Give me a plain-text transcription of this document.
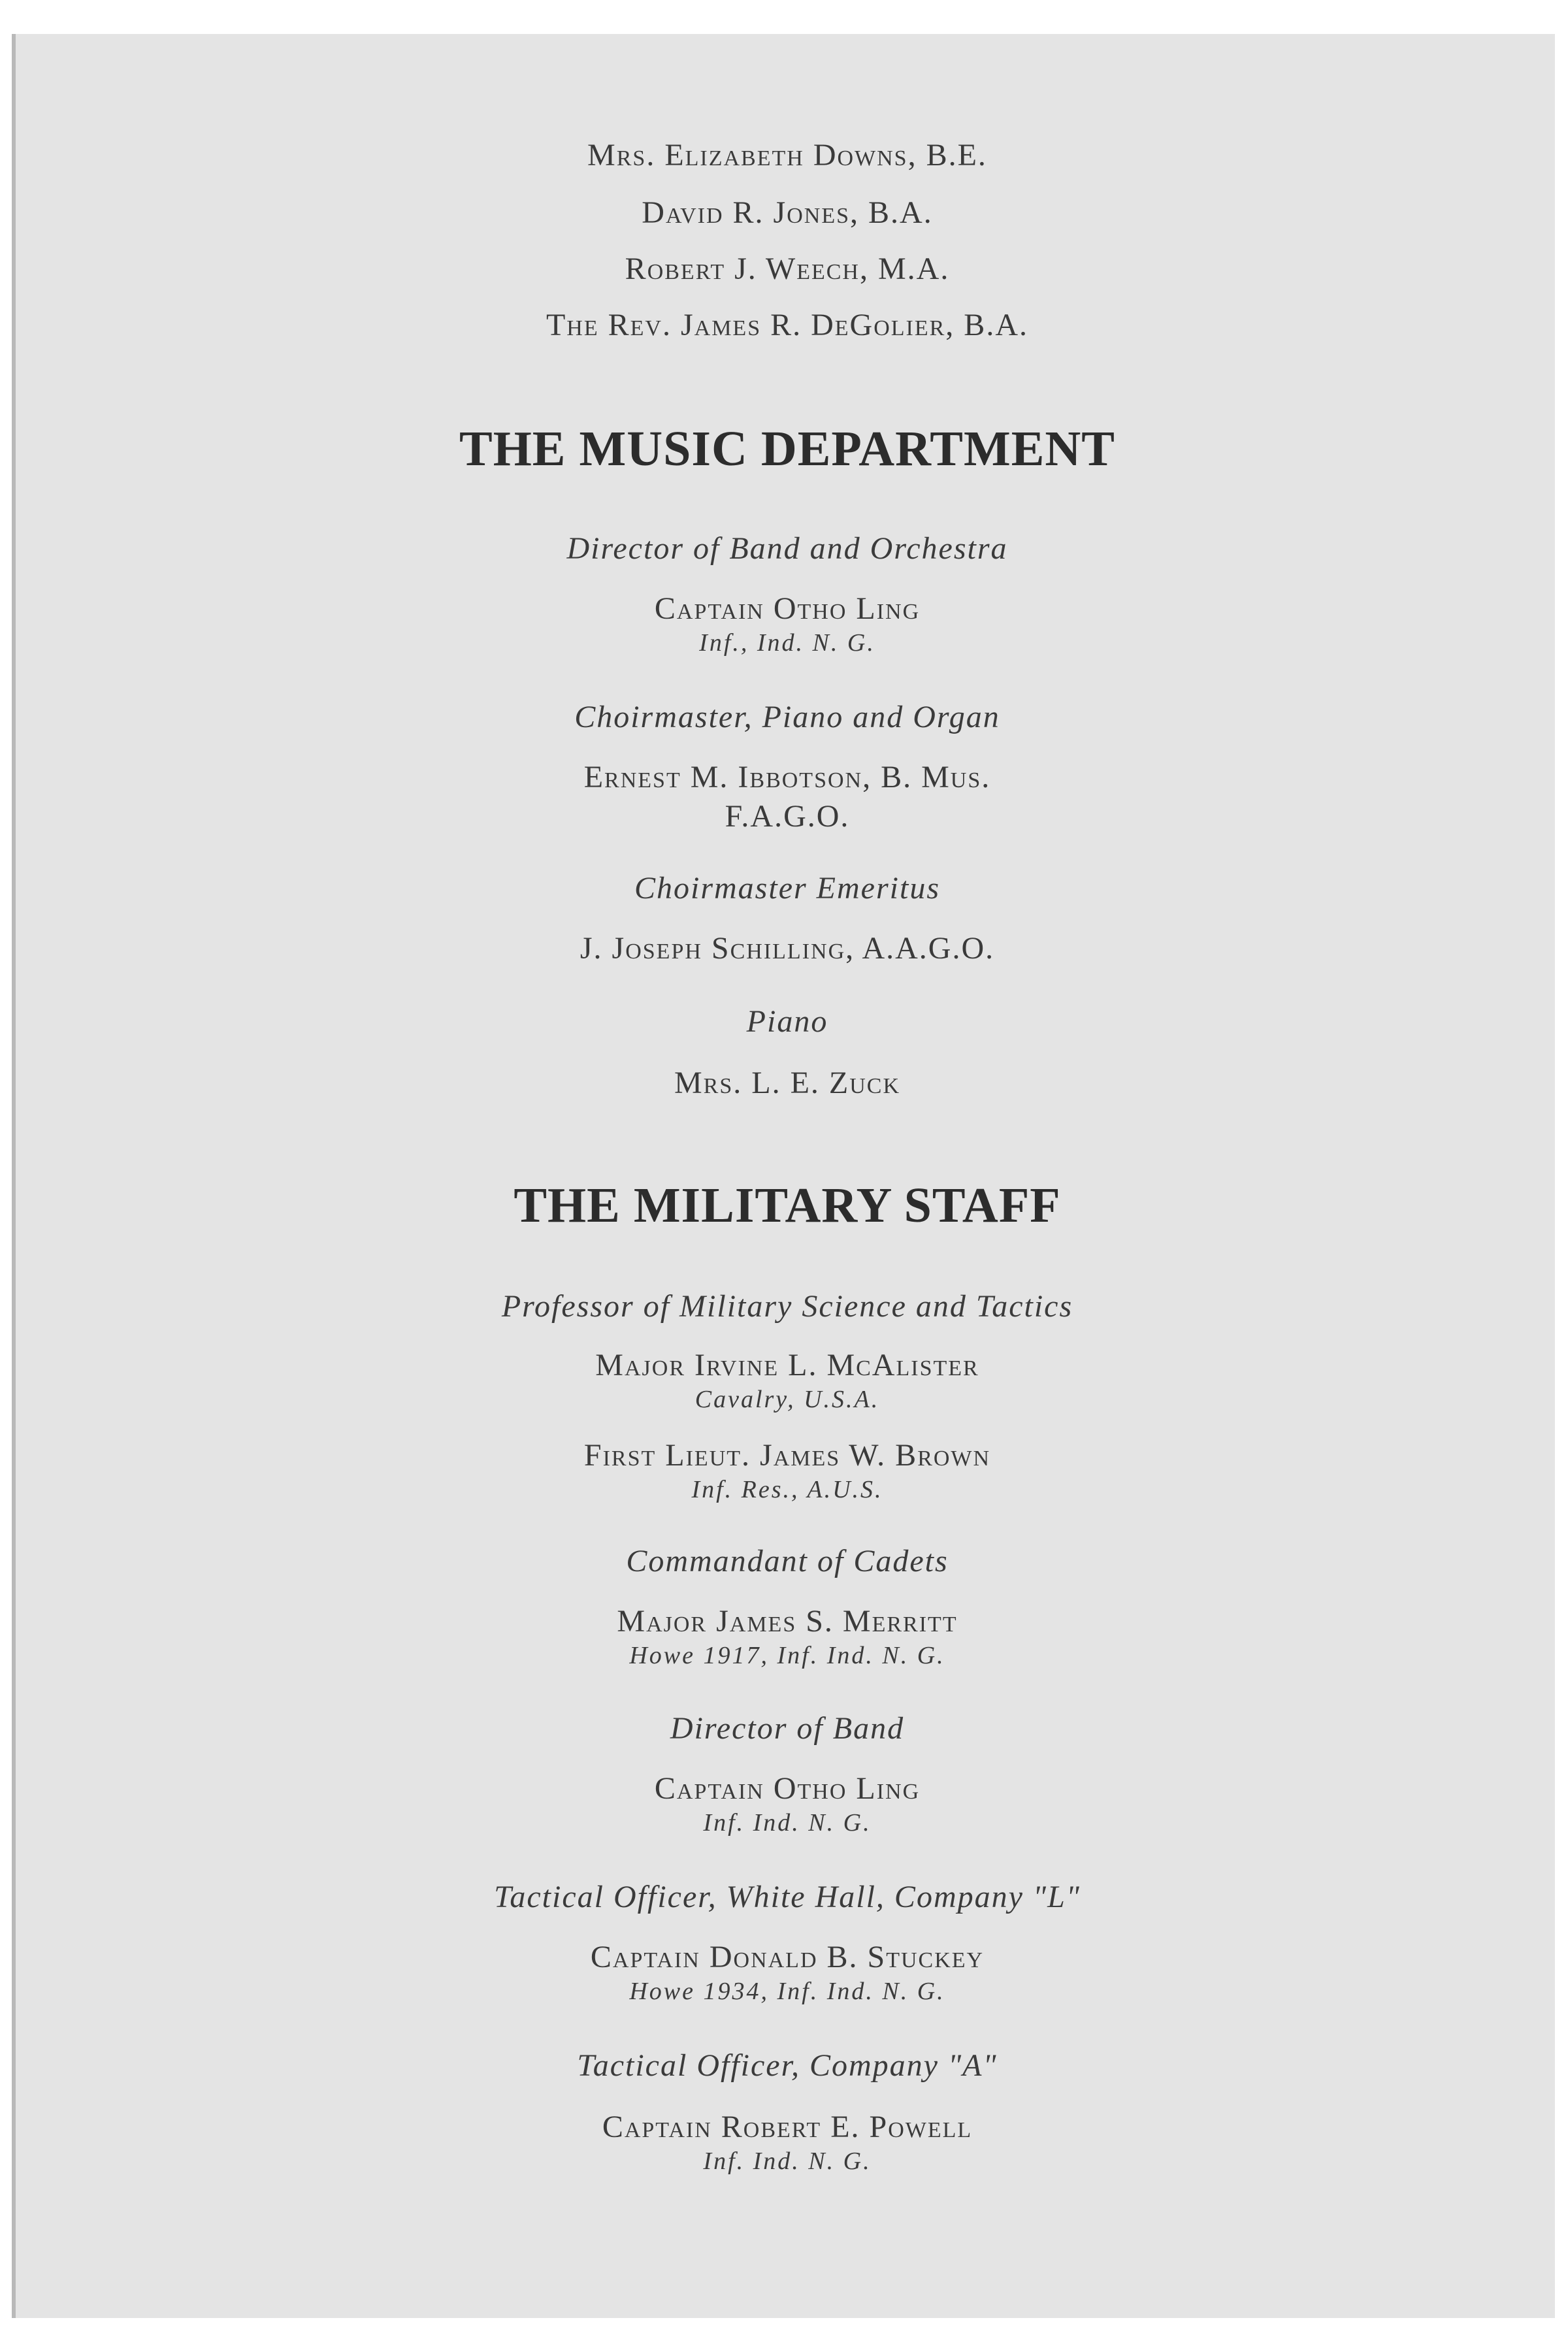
Mrs. Elizabeth Downs, B.E.
David R. Jones, B.A.
Robert J. Weech, M.A.
The Rev. James R. DeGolier, B.A.
THE MUSIC DEPARTMENT
Director of Band and Orchestra
Captain Otho Ling
Inf., Ind. N. G.
Choirmaster, Piano and Organ
Ernest M. Ibbotson, B. Mus.
F.A.G.O.
Choirmaster Emeritus
J. Joseph Schilling, A.A.G.O.
Piano
Mrs. L. E. Zuck
THE MILITARY STAFF
Professor of Military Science and Tactics
Major Irvine L. McAlister
Cavalry, U.S.A.
First Lieut. James W. Brown
Inf. Res., A.U.S.
Commandant of Cadets
Major James S. Merritt
Howe 1917, Inf. Ind. N. G.
Director of Band
Captain Otho Ling
Inf. Ind. N. G.
Tactical Officer, White Hall, Company "L"
Captain Donald B. Stuckey
Howe 1934, Inf. Ind. N. G.
Tactical Officer, Company "A"
Captain Robert E. Powell
Inf. Ind. N. G.
